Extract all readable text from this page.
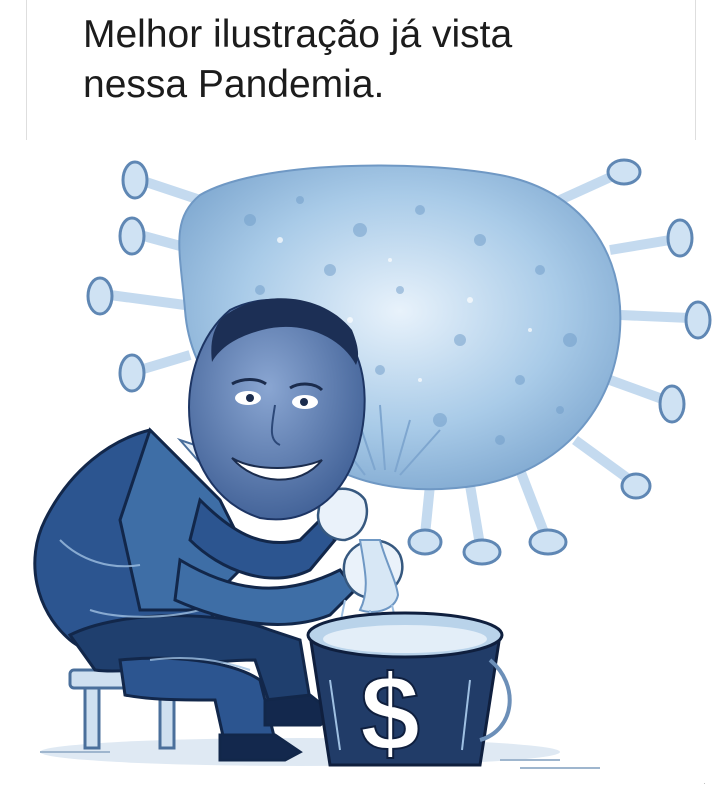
Melhor ilustração já vista
nessa Pandemia.

$
·
